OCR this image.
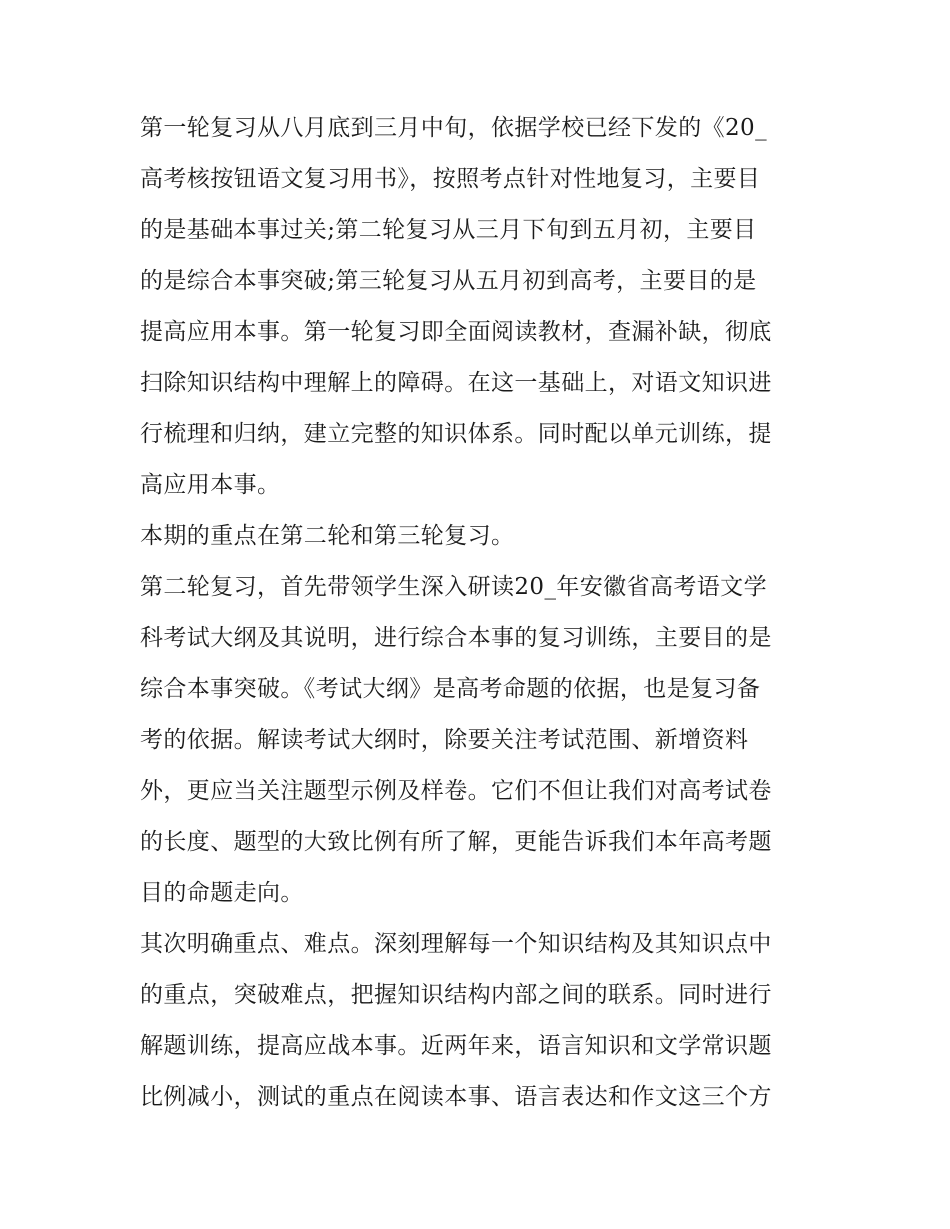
第一轮复习从八月底到三月中旬，依据学校已经下发的《20_
高考核按钮语文复习用书》，按照考点针对性地复习，主要目
的是基础本事过关;第二轮复习从三月下旬到五月初，主要目
的是综合本事突破;第三轮复习从五月初到高考，主要目的是
提高应用本事。第一轮复习即全面阅读教材，查漏补缺，彻底
扫除知识结构中理解上的障碍。在这一基础上，对语文知识进
行梳理和归纳，建立完整的知识体系。同时配以单元训练，提
高应用本事。
本期的重点在第二轮和第三轮复习。
第二轮复习，首先带领学生深入研读20_年安徽省高考语文学
科考试大纲及其说明，进行综合本事的复习训练，主要目的是
综合本事突破。《考试大纲》是高考命题的依据，也是复习备
考的依据。解读考试大纲时，除要关注考试范围、新增资料
外，更应当关注题型示例及样卷。它们不但让我们对高考试卷
的长度、题型的大致比例有所了解，更能告诉我们本年高考题
目的命题走向。
其次明确重点、难点。深刻理解每一个知识结构及其知识点中
的重点，突破难点，把握知识结构内部之间的联系。同时进行
解题训练，提高应战本事。近两年来，语言知识和文学常识题
比例减小，测试的重点在阅读本事、语言表达和作文这三个方
